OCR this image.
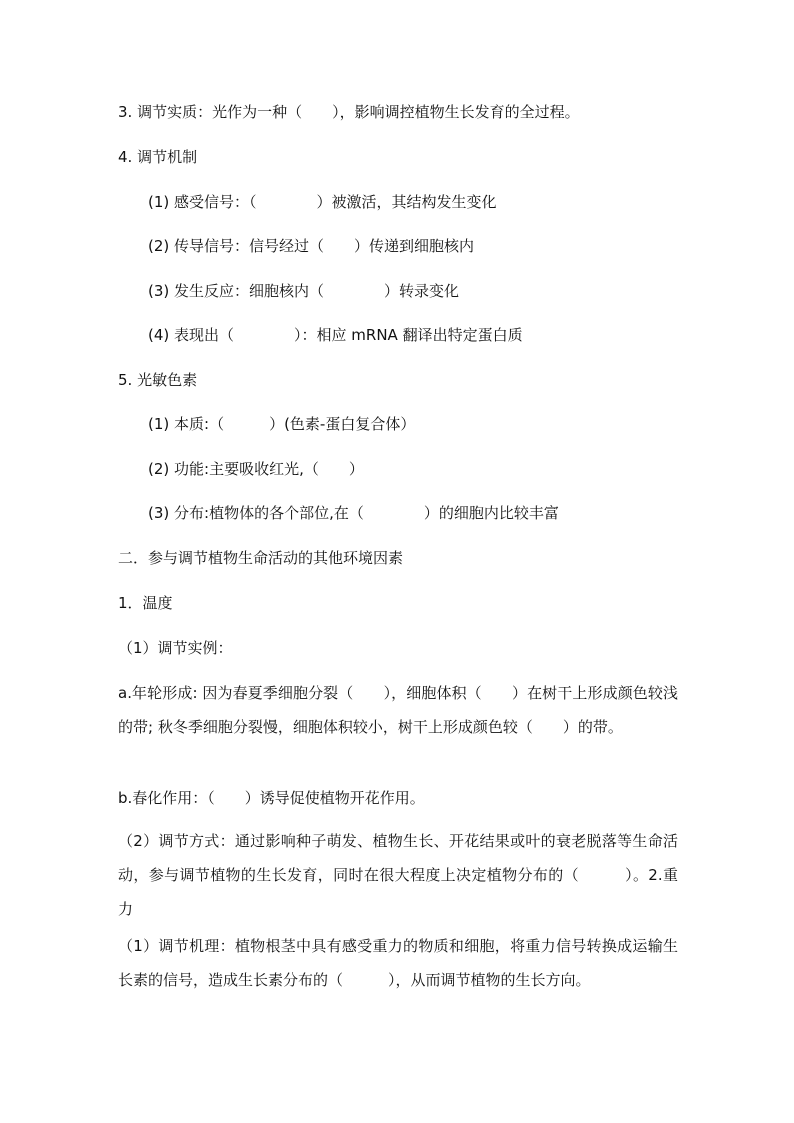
3. 调节实质：光作为一种（　　），影响调控植物生长发育的全过程。
4. 调节机制
(1) 感受信号：（　　　　）被激活，其结构发生变化
(2) 传导信号：信号经过（　　）传递到细胞核内
(3) 发生反应：细胞核内（　　　　）转录变化
(4) 表现出（　　　　）：相应 mRNA 翻译出特定蛋白质
5. 光敏色素
(1) 本质:（　　　）(色素-蛋白复合体）
(2) 功能:主要吸收红光,（　　）
(3) 分布:植物体的各个部位,在（　　　　）的细胞内比较丰富
二．参与调节植物生命活动的其他环境因素
1．温度
（1）调节实例：
a.年轮形成: 因为春夏季细胞分裂（　　），细胞体积（　　）在树干上形成颜色较浅的带; 秋冬季细胞分裂慢，细胞体积较小，树干上形成颜色较（　　）的带。
b.春化作用：（　　）诱导促使植物开花作用。
（2）调节方式：通过影响种子萌发、植物生长、开花结果或叶的衰老脱落等生命活动，参与调节植物的生长发育，同时在很大程度上决定植物分布的（　　　）。2.重力
（1）调节机理：植物根茎中具有感受重力的物质和细胞，将重力信号转换成运输生长素的信号，造成生长素分布的（　　　），从而调节植物的生长方向。
